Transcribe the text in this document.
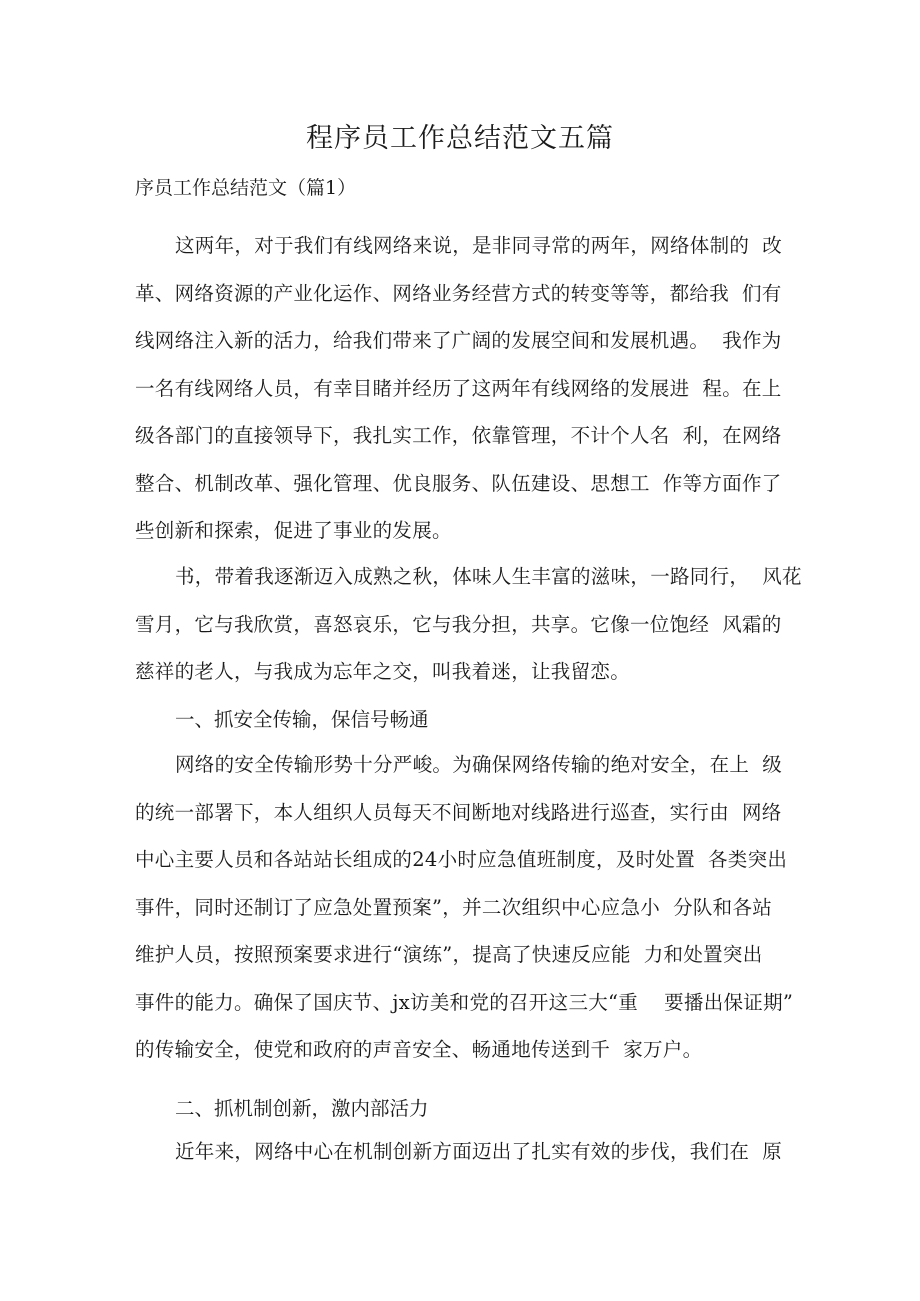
程序员工作总结范文五篇

序员工作总结范文（篇1）

这两年，对于我们有线网络来说，是非同寻常的两年，网络体制的  改
革、网络资源的产业化运作、网络业务经营方式的转变等等，都给我  们有
线网络注入新的活力，给我们带来了广阔的发展空间和发展机遇。  我作为
一名有线网络人员，有幸目睹并经历了这两年有线网络的发展进  程。在上
级各部门的直接领导下，我扎实工作，依靠管理，不计个人名  利，在网络
整合、机制改革、强化管理、优良服务、队伍建设、思想工  作等方面作了
些创新和探索，促进了事业的发展。

书，带着我逐渐迈入成熟之秋，体味人生丰富的滋味，一路同行，  风花
雪月，它与我欣赏，喜怒哀乐，它与我分担，共享。它像一位饱经  风霜的
慈祥的老人，与我成为忘年之交，叫我着迷，让我留恋。

一、抓安全传输，保信号畅通

网络的安全传输形势十分严峻。为确保网络传输的绝对安全，在上  级
的统一部署下，本人组织人员每天不间断地对线路进行巡查，实行由  网络
中心主要人员和各站站长组成的24小时应急值班制度，及时处置  各类突出
事件，同时还制订了应急处置预案”，并二次组织中心应急小  分队和各站
维护人员，按照预案要求进行“演练”，提高了快速反应能  力和处置突出
事件的能力。确保了国庆节、jx访美和党的召开这三大“重    要播出保证期”
的传输安全，使党和政府的声音安全、畅通地传送到千  家万户。

二、抓机制创新，激内部活力

近年来，网络中心在机制创新方面迈出了扎实有效的步伐，我们在  原
